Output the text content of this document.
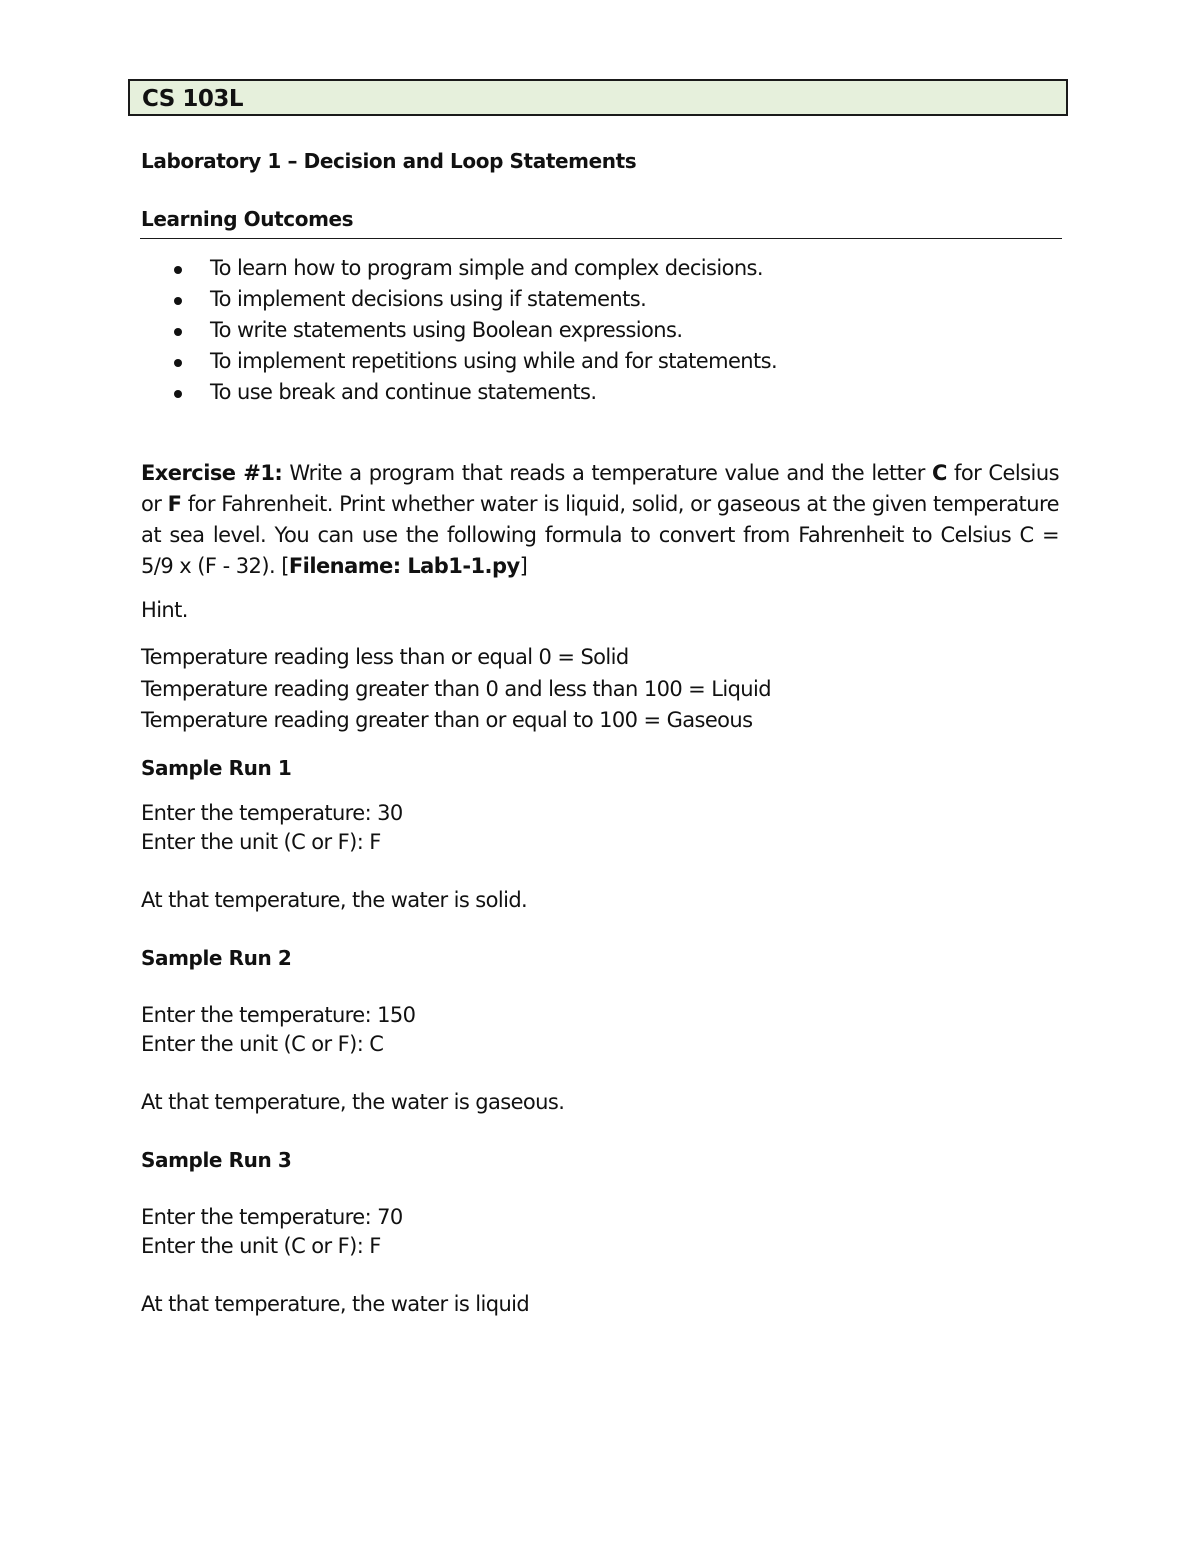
CS 103L
Laboratory 1 – Decision and Loop Statements
Learning Outcomes
To learn how to program simple and complex decisions.
To implement decisions using if statements.
To write statements using Boolean expressions.
To implement repetitions using while and for statements.
To use break and continue statements.
Exercise #1: Write a program that reads a temperature value and the letter C for Celsius or F for Fahrenheit. Print whether water is liquid, solid, or gaseous at the given temperature at sea level. You can use the following formula to convert from Fahrenheit to Celsius C = 5/9 x (F - 32). [Filename: Lab1-1.py]
Hint.
Temperature reading less than or equal 0 = Solid
Temperature reading greater than 0 and less than 100 = Liquid
Temperature reading greater than or equal to 100 = Gaseous
Sample Run 1
Enter the temperature: 30
Enter the unit (C or F): F
At that temperature, the water is solid.
Sample Run 2
Enter the temperature: 150
Enter the unit (C or F): C
At that temperature, the water is gaseous.
Sample Run 3
Enter the temperature: 70
Enter the unit (C or F): F
At that temperature, the water is liquid
